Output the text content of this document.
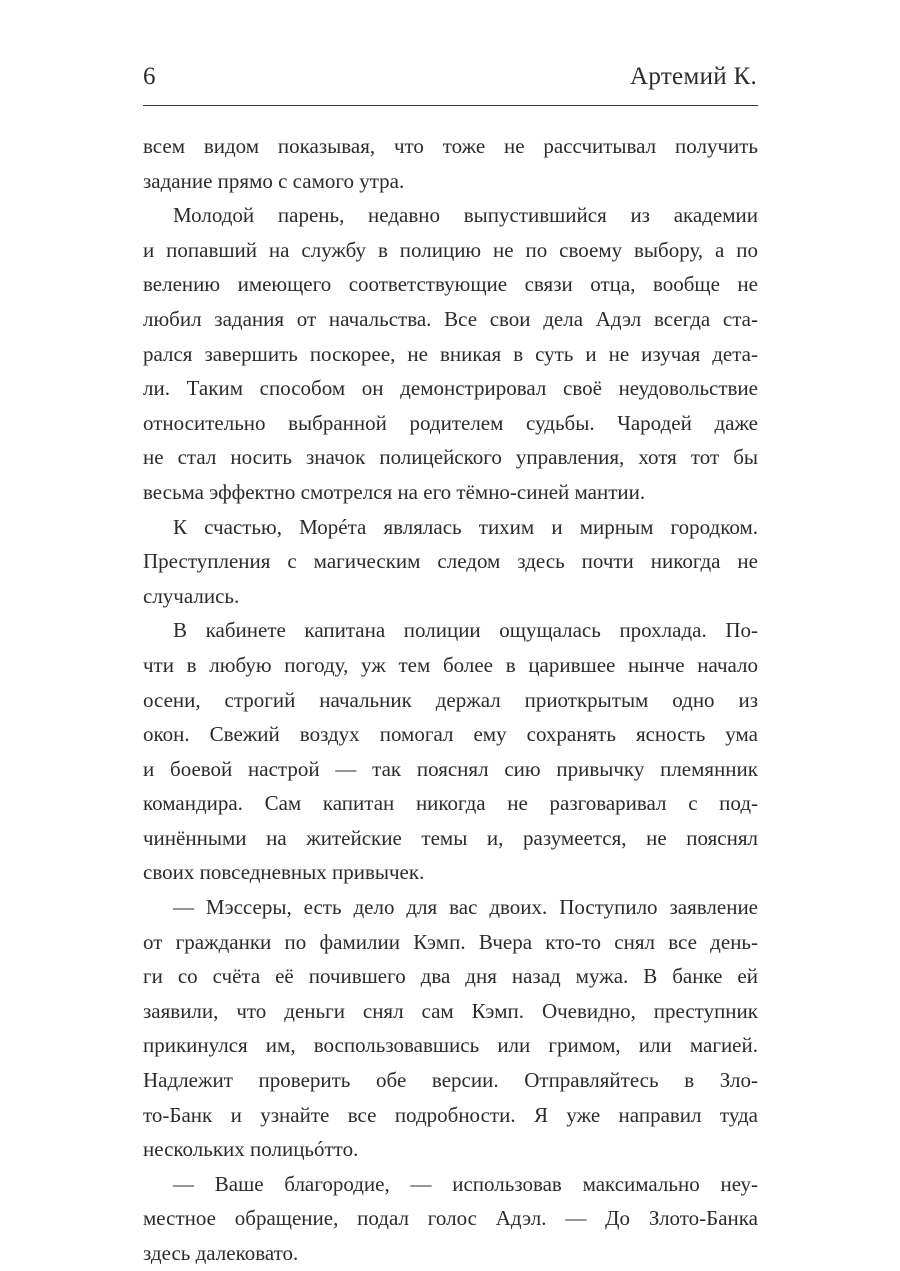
6	Артемий К.
всем видом показывая, что тоже не рассчитывал получить
задание прямо с самого утра.
Молодой парень, недавно выпустившийся из академии
и попавший на службу в полицию не по своему выбору, а по
велению имеющего соответствующие связи отца, вообще не
любил задания от начальства. Все свои дела Адэл всегда ста-
рался завершить поскорее, не вникая в суть и не изучая дета-
ли. Таким способом он демонстрировал своё неудовольствие
относительно выбранной родителем судьбы. Чародей даже
не стал носить значок полицейского управления, хотя тот бы
весьма эффектно смотрелся на его тёмно-синей мантии.
К счастью, Морéта являлась тихим и мирным городком.
Преступления с магическим следом здесь почти никогда не
случались.
В кабинете капитана полиции ощущалась прохлада. По-
чти в любую погоду, уж тем более в царившее нынче начало
осени, строгий начальник держал приоткрытым одно из
окон. Свежий воздух помогал ему сохранять ясность ума
и боевой настрой — так пояснял сию привычку племянник
командира. Сам капитан никогда не разговаривал с под-
чинёнными на житейские темы и, разумеется, не пояснял
своих повседневных привычек.
— Мэссеры, есть дело для вас двоих. Поступило заявление
от гражданки по фамилии Кэмп. Вчера кто-то снял все день-
ги со счёта её почившего два дня назад мужа. В банке ей
заявили, что деньги снял сам Кэмп. Очевидно, преступник
прикинулся им, воспользовавшись или гримом, или магией.
Надлежит проверить обе версии. Отправляйтесь в Зло-
то-Банк и узнайте все подробности. Я уже направил туда
нескольких полицьóтто.
— Ваше благородие, — использовав максимально неу-
местное обращение, подал голос Адэл. — До Злото-Банка
здесь далековато.
